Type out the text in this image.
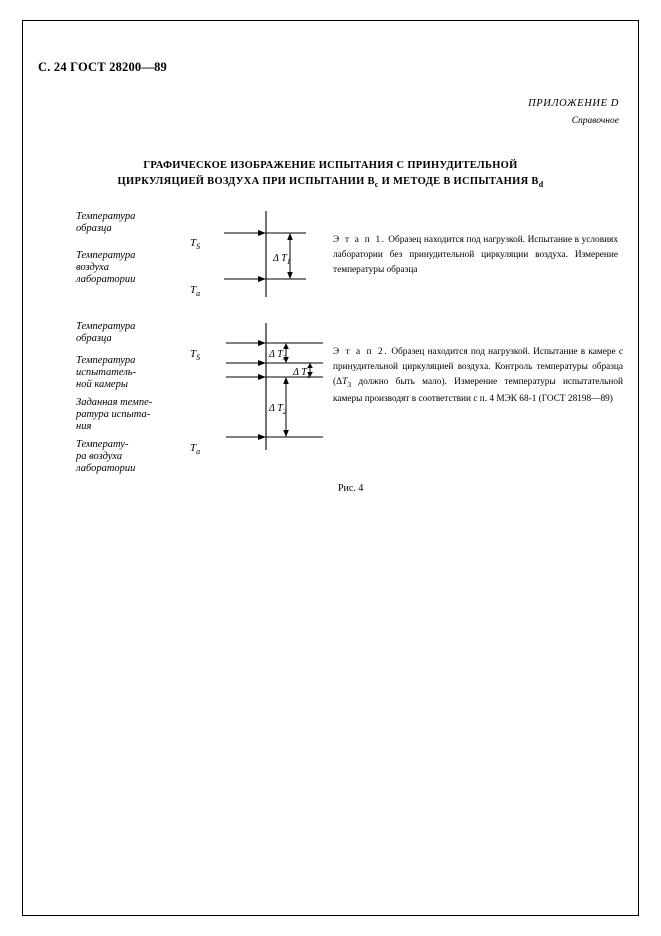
С. 24 ГОСТ 28200—89
ПРИЛОЖЕНИЕ D
Справочное
ГРАФИЧЕСКОЕ ИЗОБРАЖЕНИЕ ИСПЫТАНИЯ С ПРИНУДИТЕЛЬНОЙ
ЦИРКУЛЯЦИЕЙ ВОЗДУХА ПРИ ИСПЫТАНИИ $B_c$ И МЕТОДЕ В ИСПЫТАНИЯ $B_d$
Температура
образца
Температура
воздуха
лаборатории
$T_S$
$T_a$
Δ $T_1$
Температура
образца
Температура
испытатель-
ной камеры
Заданная темпе-
ратура испыта-
ния
Температу-
ра воздуха
лаборатории
$T_S$
$T_a$
Δ $T_3$
Δ $T_1$
Δ $T_2$
Э т а п 1. Образец находится под нагрузкой. Испытание в условиях лаборатории без принудительной циркуляции воздуха. Измерение температуры образца
Э т а п 2. Образец находится под нагрузкой. Испытание в камере с принудительной циркуляцией воздуха. Контроль температуры образца ($\Delta T_3$ должно быть мало). Измерение температуры испытательной камеры производят в соответствии с п. 4 МЭК 68-1 (ГОСТ 28198—89)
Рис. 4
